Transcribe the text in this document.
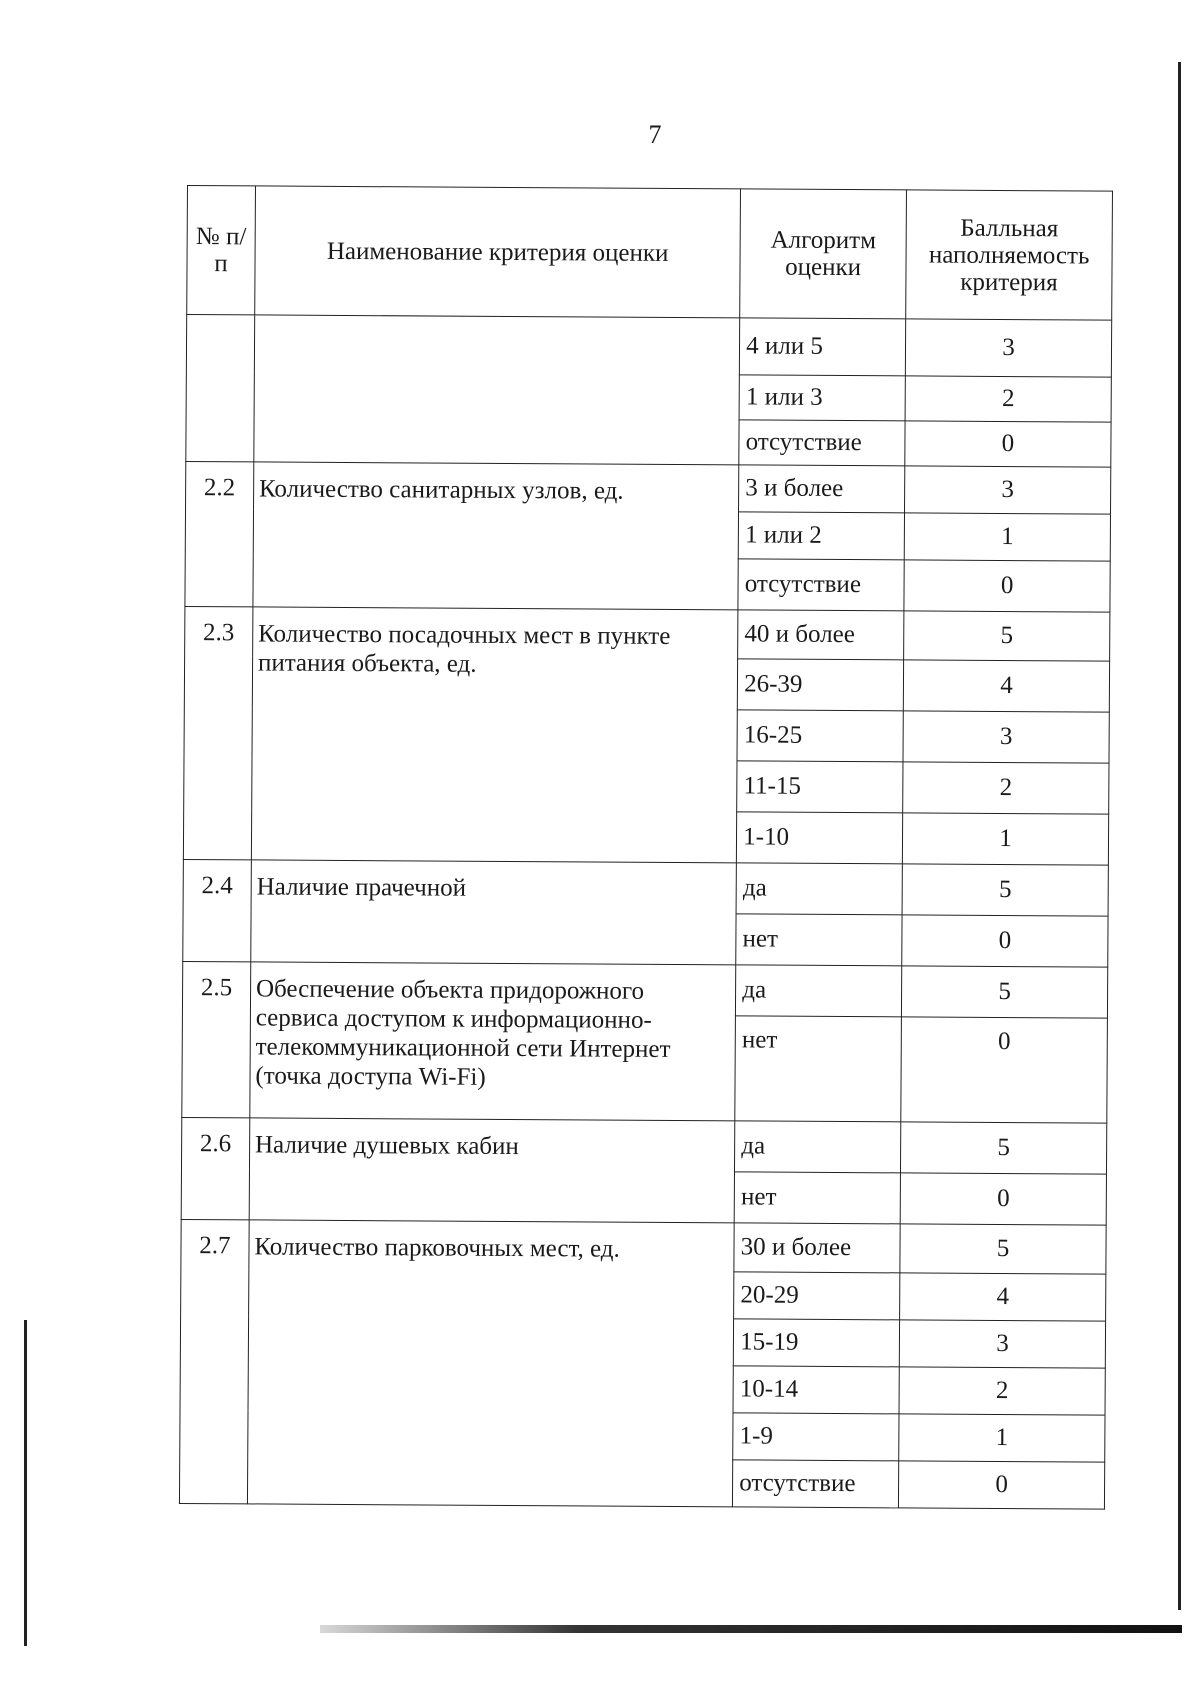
7
№ п/п	Наименование критерия оценки	Алгоритм оценки	Балльная наполняемость критерия
		4 или 5	3
		1 или 3	2
		отсутствие	0
2.2	Количество санитарных узлов, ед.	3 и более	3
		1 или 2	1
		отсутствие	0
2.3	Количество посадочных мест в пункте питания объекта, ед.	40 и более	5
		26-39	4
		16-25	3
		11-15	2
		1-10	1
2.4	Наличие прачечной	да	5
		нет	0
2.5	Обеспечение объекта придорожного сервиса доступом к информационно-телекоммуникационной сети Интернет (точка доступа Wi-Fi)	да	5
		нет	0
2.6	Наличие душевых кабин	да	5
		нет	0
2.7	Количество парковочных мест, ед.	30 и более	5
		20-29	4
		15-19	3
		10-14	2
		1-9	1
		отсутствие	0
